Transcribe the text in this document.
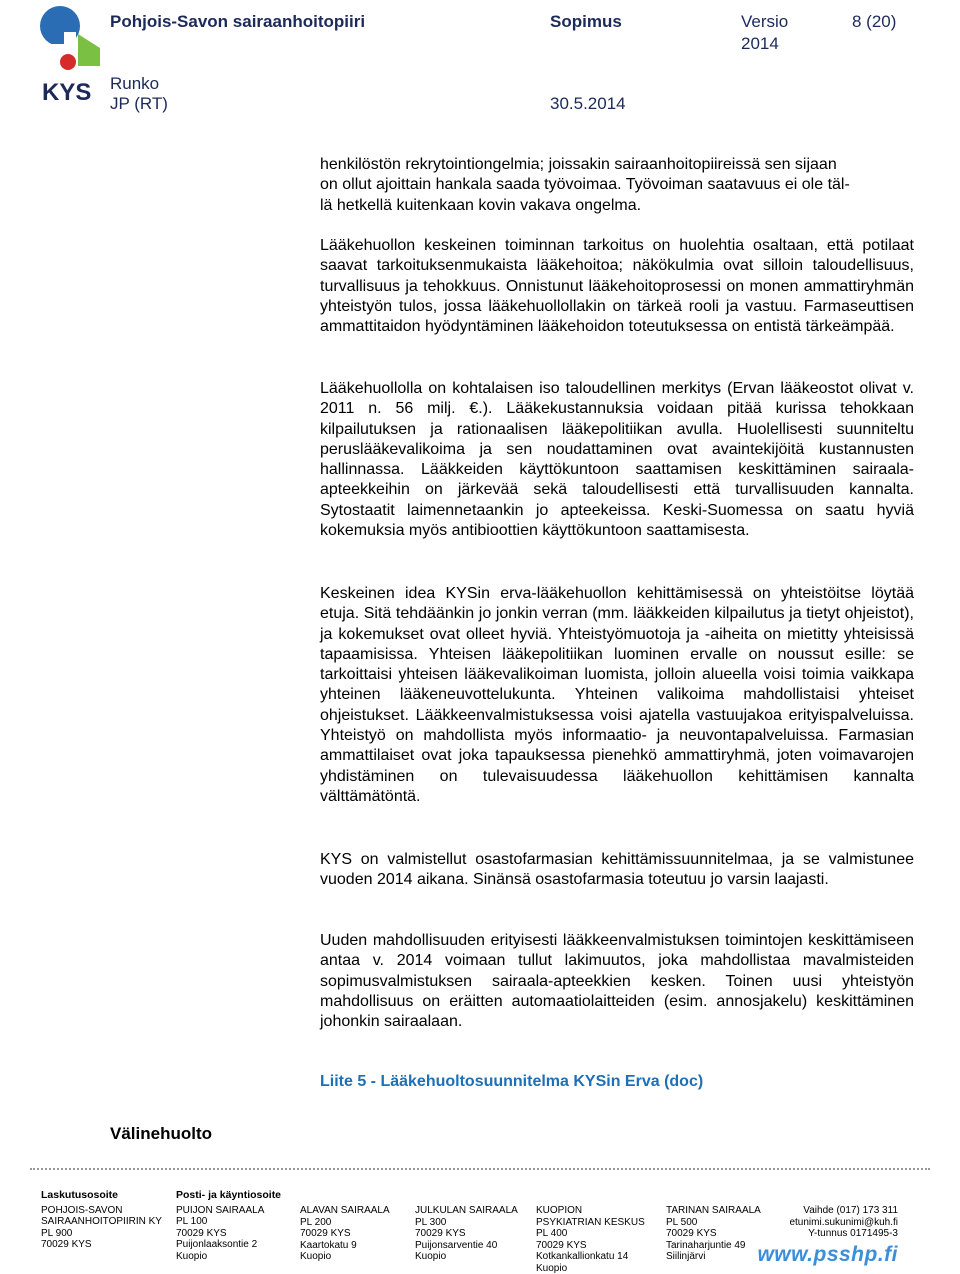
KYS
Pohjois-Savon sairaanhoitopiiri	Sopimus	Versio
2014
8 (20)
Runko
JP (RT)	30.5.2014
henkilöstön rekrytointiongelmia; joissakin sairaanhoitopiireissä sen sijaan
on ollut ajoittain hankala saada työvoimaa. Työvoiman saatavuus ei ole täl-
lä hetkellä kuitenkaan kovin vakava ongelma.

Lääkehuollon keskeinen toiminnan tarkoitus on huolehtia osaltaan, että potilaat saavat tarkoituksenmukaista lääkehoitoa; näkökulmia ovat silloin taloudellisuus, turvallisuus ja tehokkuus. Onnistunut lääkehoitoprosessi on monen ammattiryhmän yhteistyön tulos, jossa lääkehuollollakin on tärkeä rooli ja vastuu. Farmaseuttisen ammattitaidon hyödyntäminen lääkehoidon toteutuksessa on entistä tärkeämpää.

Lääkehuollolla on kohtalaisen iso taloudellinen merkitys (Ervan lääkeostot olivat v. 2011 n. 56 milj. €.). Lääkekustannuksia voidaan pitää kurissa tehokkaan kilpailutuksen ja rationaalisen lääkepolitiikan avulla. Huolellisesti suunniteltu peruslääkevalikoima ja sen noudattaminen ovat avaintekijöitä kustannusten hallinnassa. Lääkkeiden käyttökuntoon saattamisen keskittäminen sairaala-apteekkeihin on järkevää sekä taloudellisesti että turvallisuuden kannalta. Sytostaatit laimennetaankin jo apteekeissa. Keski-Suomessa on saatu hyviä kokemuksia myös antibioottien käyttökuntoon saattamisesta.

Keskeinen idea KYSin erva-lääkehuollon kehittämisessä on yhteistöitse löytää etuja. Sitä tehdäänkin jo jonkin verran (mm. lääkkeiden kilpailutus ja tietyt ohjeistot), ja kokemukset ovat olleet hyviä. Yhteistyömuotoja ja -aiheita on mietitty yhteisissä tapaamisissa. Yhteisen lääkepolitiikan luominen ervalle on noussut esille: se tarkoittaisi yhteisen lääkevalikoiman luomista, jolloin alueella voisi toimia vaikkapa yhteinen lääkeneuvottelukunta. Yhteinen valikoima mahdollistaisi yhteiset ohjeistukset. Lääkkeenvalmistuksessa voisi ajatella vastuujakoa erityispalveluissa. Yhteistyö on mahdollista myös informaatio- ja neuvontapalveluissa. Farmasian ammattilaiset ovat joka tapauksessa pienehkö ammattiryhmä, joten voimavarojen yhdistäminen on tulevaisuudessa lääkehuollon kehittämisen kannalta välttämätöntä.

KYS on valmistellut osastofarmasian kehittämissuunnitelmaa, ja se valmistunee vuoden 2014 aikana. Sinänsä osastofarmasia toteutuu jo varsin laajasti.

Uuden mahdollisuuden erityisesti lääkkeenvalmistuksen toimintojen keskittämiseen antaa v. 2014 voimaan tullut lakimuutos, joka mahdollistaa mavalmisteiden sopimusvalmistuksen sairaala-apteekkien kesken. Toinen uusi yhteistyön mahdollisuus on eräitten automaatiolaitteiden (esim. annosjakelu) keskittäminen johonkin sairaalaan.

Liite 5 - Lääkehuoltosuunnitelma KYSin Erva (doc)
Välinehuolto
Laskutusosoite
POHJOIS-SAVON
SAIRAANHOITOPIIRIN KY
PL 900
70029 KYS
Posti- ja käyntiosoite
PUIJON SAIRAALA
PL 100
70029 KYS
Puijonlaaksontie 2
Kuopio
ALAVAN SAIRAALA
PL 200
70029 KYS
Kaartokatu 9
Kuopio
JULKULAN SAIRAALA
PL 300
70029 KYS
Puijonsarventie 40
Kuopio
KUOPION
PSYKIATRIAN KESKUS
PL 400
70029 KYS
Kotkankallionkatu 14
Kuopio
TARINAN SAIRAALA
PL 500
70029 KYS
Tarinaharjuntie 49
Siilinjärvi
Vaihde (017) 173 311
etunimi.sukunimi@kuh.fi
Y-tunnus 0171495-3
www.psshp.fi
